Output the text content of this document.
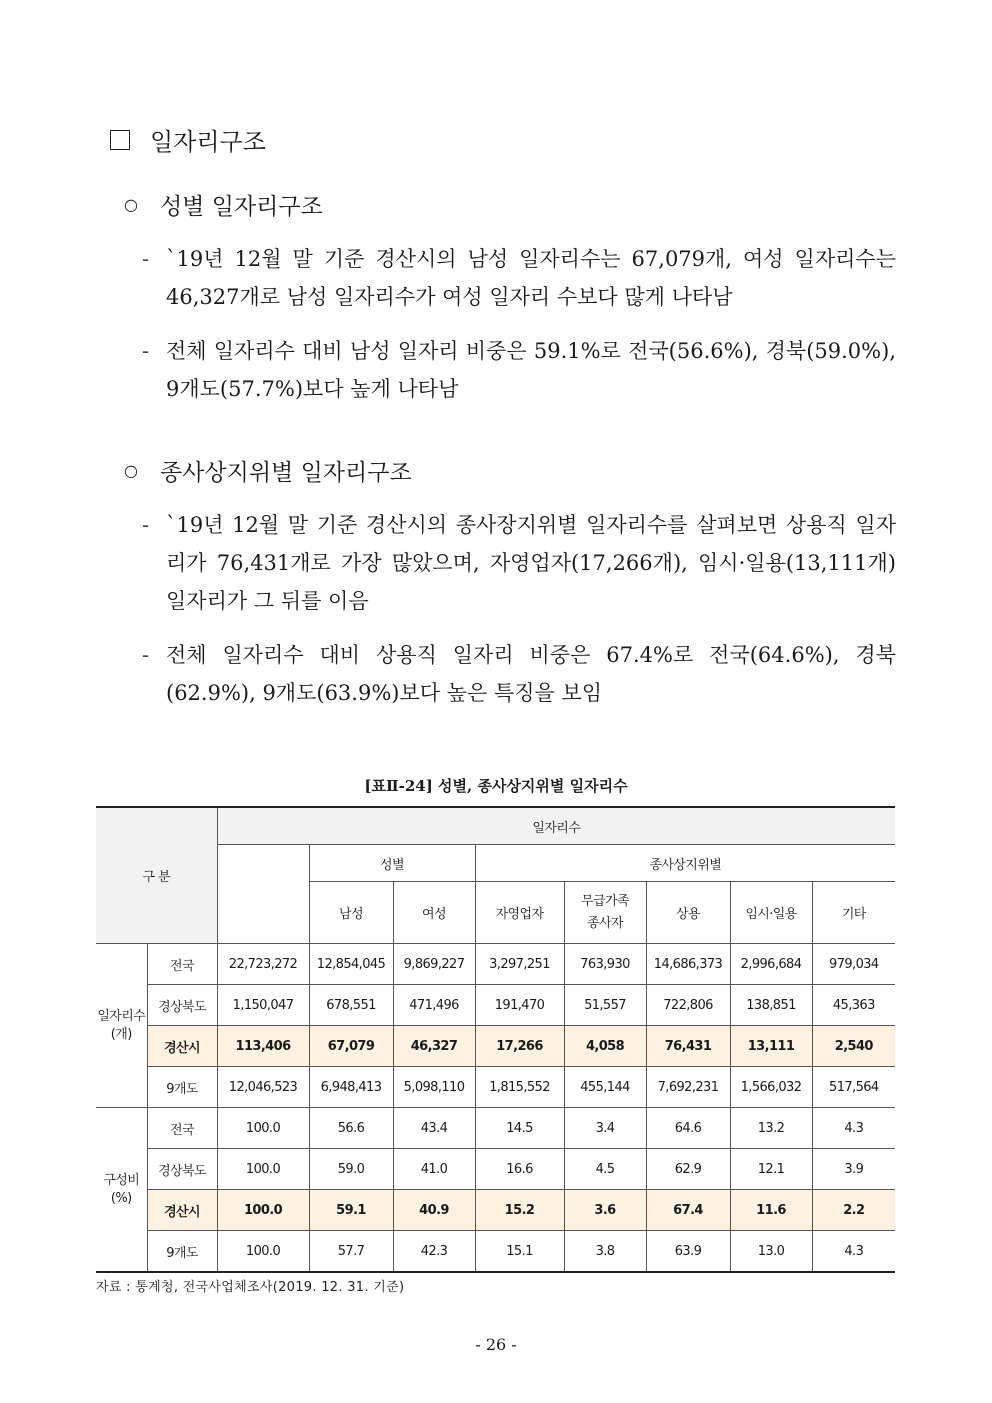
일자리구조
○ 성별 일자리구조
- `19년 12월 말 기준 경산시의 남성 일자리수는 67,079개, 여성 일자리수는 46,327개로 남성 일자리수가 여성 일자리 수보다 많게 나타남
- 전체 일자리수 대비 남성 일자리 비중은 59.1%로 전국(56.6%), 경북(59.0%), 9개도(57.7%)보다 높게 나타남
○ 종사상지위별 일자리구조
- `19년 12월 말 기준 경산시의 종사장지위별 일자리수를 살펴보면 상용직 일자리가 76,431개로 가장 많았으며, 자영업자(17,266개), 임시·일용(13,111개) 일자리가 그 뒤를 이음
- 전체 일자리수 대비 상용직 일자리 비중은 67.4%로 전국(64.6%), 경북(62.9%), 9개도(63.9%)보다 높은 특징을 보임
[표Ⅱ-24] 성별, 종사상지위별 일자리수
구 분		일자리수							
			성별		종사상지위별				
			남성	여성	자영업자	무급가족
종사자	상용	임시·일용	기타
일자리수
(개)	전국	22,723,272	12,854,045	9,869,227	3,297,251	763,930	14,686,373	2,996,684	979,034
	경상북도	1,150,047	678,551	471,496	191,470	51,557	722,806	138,851	45,363
	경산시	113,406	67,079	46,327	17,266	4,058	76,431	13,111	2,540
	9개도	12,046,523	6,948,413	5,098,110	1,815,552	455,144	7,692,231	1,566,032	517,564
구성비
(%)	전국	100.0	56.6	43.4	14.5	3.4	64.6	13.2	4.3
	경상북도	100.0	59.0	41.0	16.6	4.5	62.9	12.1	3.9
	경산시	100.0	59.1	40.9	15.2	3.6	67.4	11.6	2.2
	9개도	100.0	57.7	42.3	15.1	3.8	63.9	13.0	4.3
자료 : 통계청, 전국사업체조사(2019. 12. 31. 기준)
- 26 -
